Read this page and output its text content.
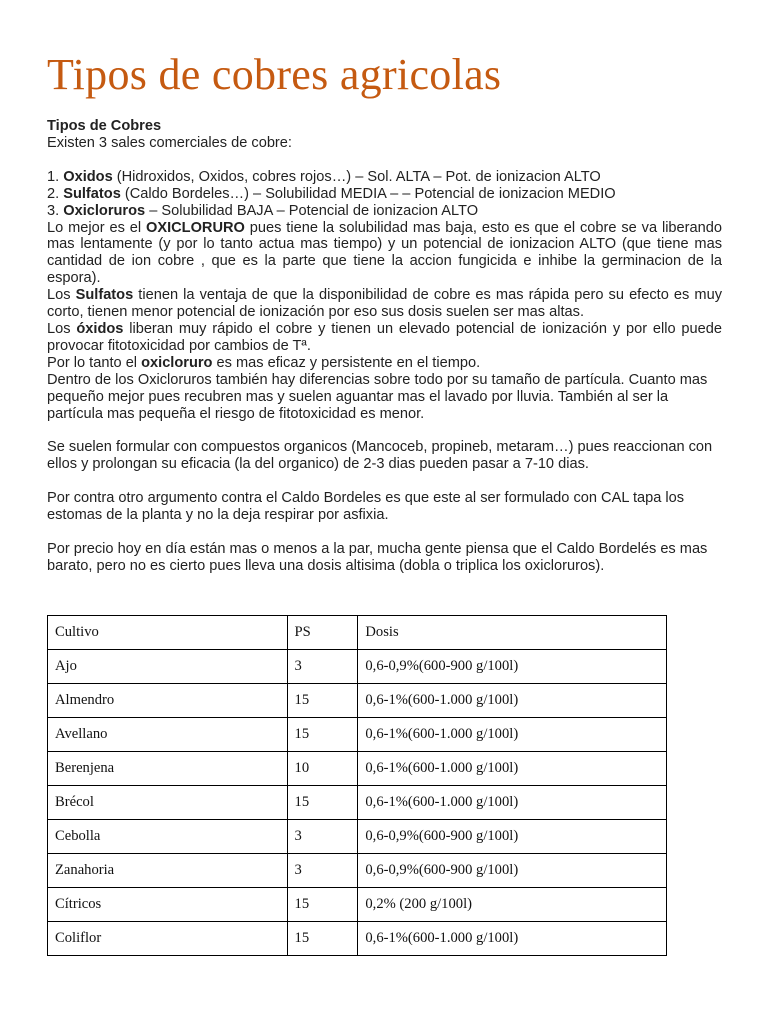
Tipos de cobres agricolas

Tipos de Cobres

Existen 3 sales comerciales de cobre:

1. Oxidos (Hidroxidos, Oxidos, cobres rojos…) – Sol. ALTA – Pot. de ionizacion ALTO

2. Sulfatos (Caldo Bordeles…) – Solubilidad MEDIA – – Potencial de ionizacion MEDIO

3. Oxicloruros – Solubilidad BAJA – Potencial de ionizacion ALTO

Lo mejor es el OXICLORURO pues tiene la solubilidad mas baja, esto es que el cobre se va liberando mas lentamente (y por lo tanto actua mas tiempo) y un potencial de ionizacion ALTO (que tiene mas cantidad de ion cobre , que es la parte que tiene la accion fungicida e inhibe la germinacion de la espora).

Los Sulfatos tienen la ventaja de que la disponibilidad de cobre es mas rápida pero su efecto es muy corto, tienen menor potencial de ionización por eso sus dosis suelen ser mas altas.

Los óxidos liberan muy rápido el cobre y tienen un elevado potencial de ionización y por ello puede provocar fitotoxicidad por cambios de Tª.

Por lo tanto el oxicloruro es mas eficaz y persistente en el tiempo.

Dentro de los Oxicloruros también hay diferencias sobre todo por su tamaño de partícula. Cuanto mas pequeño mejor pues recubren mas y suelen aguantar mas el lavado por lluvia. También al ser la partícula mas pequeña el riesgo de fitotoxicidad es menor.

Se suelen formular con compuestos organicos (Mancoceb, propineb, metaram…) pues reaccionan con ellos y prolongan su eficacia (la del organico) de 2-3 dias pueden pasar a 7-10 dias.

Por contra otro argumento contra el Caldo Bordeles es que este al ser formulado con CAL tapa los estomas de la planta y no la deja respirar por asfixia.

Por precio hoy en día están mas o menos a la par, mucha gente piensa que el Caldo Bordelés es mas barato, pero no es cierto pues lleva una dosis altisima (dobla o triplica los oxicloruros).

Cultivo	PS	Dosis
Ajo	3	0,6-0,9%(600-900 g/100l)
Almendro	15	0,6-1%(600-1.000 g/100l)
Avellano	15	0,6-1%(600-1.000 g/100l)
Berenjena	10	0,6-1%(600-1.000 g/100l)
Brécol	15	0,6-1%(600-1.000 g/100l)
Cebolla	3	0,6-0,9%(600-900 g/100l)
Zanahoria	3	0,6-0,9%(600-900 g/100l)
Cítricos	15	0,2% (200 g/100l)
Coliflor	15	0,6-1%(600-1.000 g/100l)
